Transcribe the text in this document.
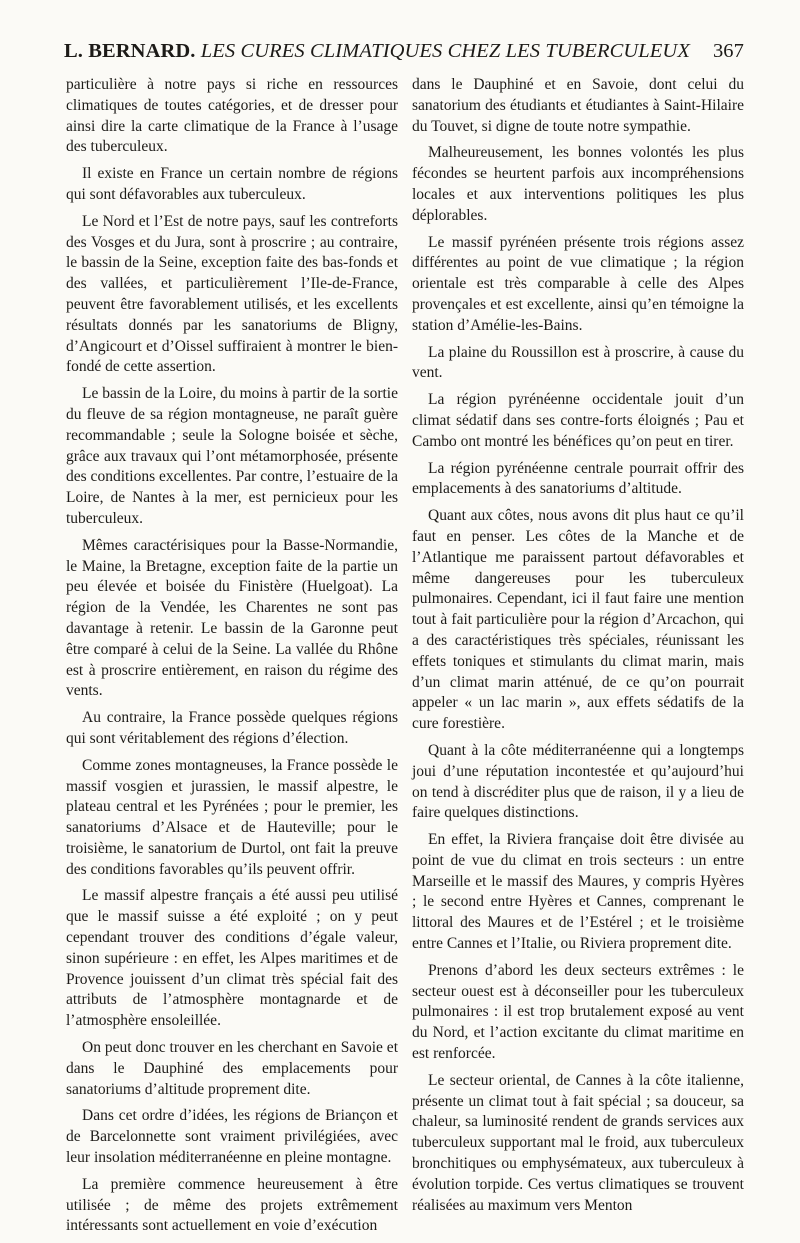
L. BERNARD. LES CURES CLIMATIQUES CHEZ LES TUBERCULEUX 367

particulière à notre pays si riche en ressources climatiques de toutes catégories, et de dresser pour ainsi dire la carte climatique de la France à l’usage des tuberculeux.

Il existe en France un certain nombre de régions qui sont défavorables aux tuberculeux.

Le Nord et l’Est de notre pays, sauf les contreforts des Vosges et du Jura, sont à proscrire ; au contraire, le bassin de la Seine, exception faite des bas-fonds et des vallées, et particulièrement l’Ile-de-France, peuvent être favorablement utilisés, et les excellents résultats donnés par les sanatoriums de Bligny, d’Angicourt et d’Oissel suffiraient à montrer le bien-fondé de cette assertion.

Le bassin de la Loire, du moins à partir de la sortie du fleuve de sa région montagneuse, ne paraît guère recommandable ; seule la Sologne boisée et sèche, grâce aux travaux qui l’ont métamorphosée, présente des conditions excellentes. Par contre, l’estuaire de la Loire, de Nantes à la mer, est pernicieux pour les tuberculeux.

Mêmes caractérisiques pour la Basse-Normandie, le Maine, la Bretagne, exception faite de la partie un peu élevée et boisée du Finistère (Huelgoat). La région de la Vendée, les Charentes ne sont pas davantage à retenir. Le bassin de la Garonne peut être comparé à celui de la Seine. La vallée du Rhône est à proscrire entièrement, en raison du régime des vents.

Au contraire, la France possède quelques régions qui sont véritablement des régions d’élection.

Comme zones montagneuses, la France possède le massif vosgien et jurassien, le massif alpestre, le plateau central et les Pyrénées ; pour le premier, les sanatoriums d’Alsace et de Hauteville; pour le troisième, le sanatorium de Durtol, ont fait la preuve des conditions favorables qu’ils peuvent offrir.

Le massif alpestre français a été aussi peu utilisé que le massif suisse a été exploité ; on y peut cependant trouver des conditions d’égale valeur, sinon supérieure : en effet, les Alpes maritimes et de Provence jouissent d’un climat très spécial fait des attributs de l’atmosphère montagnarde et de l’atmosphère ensoleillée.

On peut donc trouver en les cherchant en Savoie et dans le Dauphiné des emplacements pour sanatoriums d’altitude proprement dite.

Dans cet ordre d’idées, les régions de Briançon et de Barcelonnette sont vraiment privilégiées, avec leur insolation méditerranéenne en pleine montagne.

La première commence heureusement à être utilisée ; de même des projets extrêmement intéressants sont actuellement en voie d’exécution

dans le Dauphiné et en Savoie, dont celui du sanatorium des étudiants et étudiantes à Saint-Hilaire du Touvet, si digne de toute notre sympathie.

Malheureusement, les bonnes volontés les plus fécondes se heurtent parfois aux incompréhensions locales et aux interventions politiques les plus déplorables.

Le massif pyrénéen présente trois régions assez différentes au point de vue climatique ; la région orientale est très comparable à celle des Alpes provençales et est excellente, ainsi qu’en témoigne la station d’Amélie-les-Bains.

La plaine du Roussillon est à proscrire, à cause du vent.

La région pyrénéenne occidentale jouit d’un climat sédatif dans ses contre-forts éloignés ; Pau et Cambo ont montré les bénéfices qu’on peut en tirer.

La région pyrénéenne centrale pourrait offrir des emplacements à des sanatoriums d’altitude.

Quant aux côtes, nous avons dit plus haut ce qu’il faut en penser. Les côtes de la Manche et de l’Atlantique me paraissent partout défavorables et même dangereuses pour les tuberculeux pulmonaires. Cependant, ici il faut faire une mention tout à fait particulière pour la région d’Arcachon, qui a des caractéristiques très spéciales, réunissant les effets toniques et stimulants du climat marin, mais d’un climat marin atténué, de ce qu’on pourrait appeler « un lac marin », aux effets sédatifs de la cure forestière.

Quant à la côte méditerranéenne qui a longtemps joui d’une réputation incontestée et qu’aujourd’hui on tend à discréditer plus que de raison, il y a lieu de faire quelques distinctions.

En effet, la Riviera française doit être divisée au point de vue du climat en trois secteurs : un entre Marseille et le massif des Maures, y compris Hyères ; le second entre Hyères et Cannes, comprenant le littoral des Maures et de l’Estérel ; et le troisième entre Cannes et l’Italie, ou Riviera proprement dite.

Prenons d’abord les deux secteurs extrêmes : le secteur ouest est à déconseiller pour les tuberculeux pulmonaires : il est trop brutalement exposé au vent du Nord, et l’action excitante du climat maritime en est renforcée.

Le secteur oriental, de Cannes à la côte italienne, présente un climat tout à fait spécial ; sa douceur, sa chaleur, sa luminosité rendent de grands services aux tuberculeux supportant mal le froid, aux tuberculeux bronchitiques ou emphysémateux, aux tuberculeux à évolution torpide. Ces vertus climatiques se trouvent réalisées au maximum vers Menton
